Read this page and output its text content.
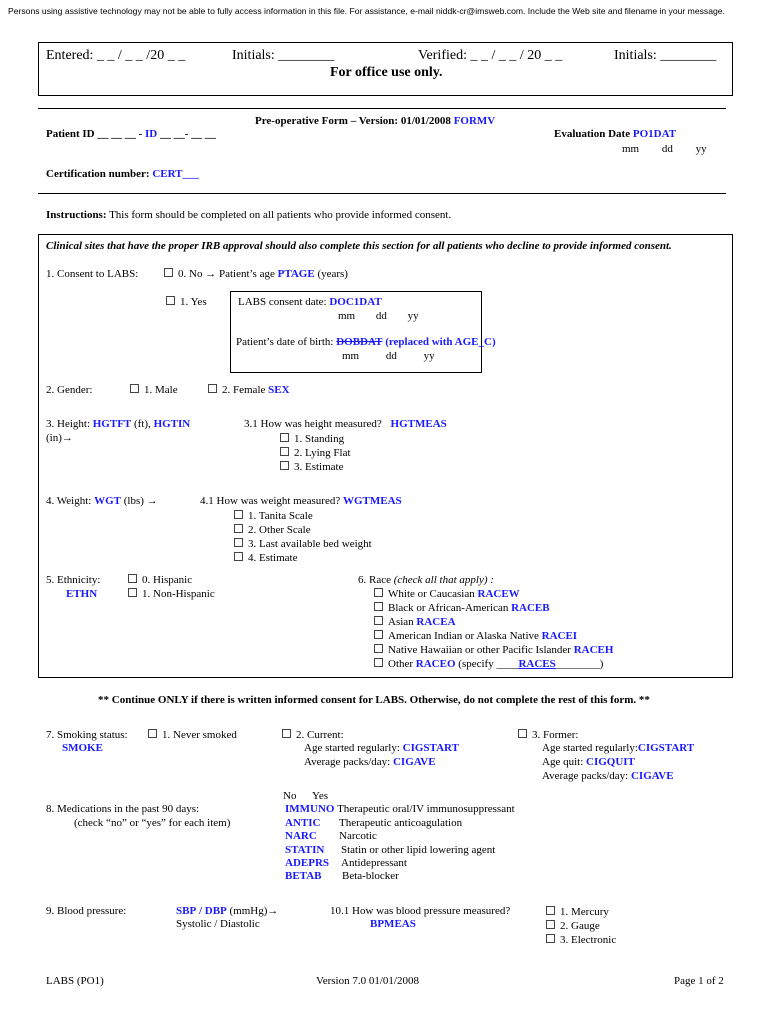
Persons using assistive technology may not be able to fully access information in this file. For assistance, e-mail niddk-cr@imsweb.com. Include the Web site and filename in your message.
Entered: _ _ / _ _ /20 _ _	Initials: ________	Verified: _ _ / _ _ / 20 _ _	Initials: ________
For office use only.
Pre-operative Form – Version: 01/01/2008 FORMV
Patient ID __ __ __ - ID __ __- __ __	Evaluation Date PO1DAT
mm dd yy
Certification number: CERT___
Instructions: This form should be completed on all patients who provide informed consent.
Clinical sites that have the proper IRB approval should also complete this section for all patients who decline to provide informed consent.
1. Consent to LABS:	0. No → Patient’s age PTAGE (years)
1. Yes	LABS consent date: DOC1DAT
mm dd yy
Patient’s date of birth: DOBDAT (replaced with AGE_C)
mm dd yy
2. Gender:	1. Male	2. Female SEX
3. Height: HGTFT (ft), HGTIN
(in)→
3.1 How was height measured? HGTMEAS
1. Standing
2. Lying Flat
3. Estimate
4. Weight: WGT (lbs) →	4.1 How was weight measured? WGTMEAS
1. Tanita Scale
2. Other Scale
3. Last available bed weight
4. Estimate
5. Ethnicity:
ETHN
0. Hispanic
1. Non-Hispanic
6. Race (check all that apply) :
White or Caucasian RACEW
Black or African-American RACEB
Asian RACEA
American Indian or Alaska Native RACEI
Native Hawaiian or other Pacific Islander RACEH
Other RACEO (specify ____RACES________)
** Continue ONLY if there is written informed consent for LABS. Otherwise, do not complete the rest of this form. **
7. Smoking status:
SMOKE
1. Never smoked	2. Current:
Age started regularly: CIGSTART
Average packs/day: CIGAVE
3. Former:
Age started regularly:CIGSTART
Age quit: CIGQUIT
Average packs/day: CIGAVE
No Yes
8. Medications in the past 90 days:
(check “no” or “yes” for each item)
IMMUNO Therapeutic oral/IV immunosuppressant
ANTIC Therapeutic anticoagulation
NARC Narcotic
STATIN Statin or other lipid lowering agent
ADEPRS Antidepressant
BETAB Beta-blocker
9. Blood pressure:	SBP / DBP (mmHg)→
Systolic / Diastolic
10.1 How was blood pressure measured?
BPMEAS
1. Mercury
2. Gauge
3. Electronic
LABS (PO1)	Version 7.0 01/01/2008	Page 1 of 2
